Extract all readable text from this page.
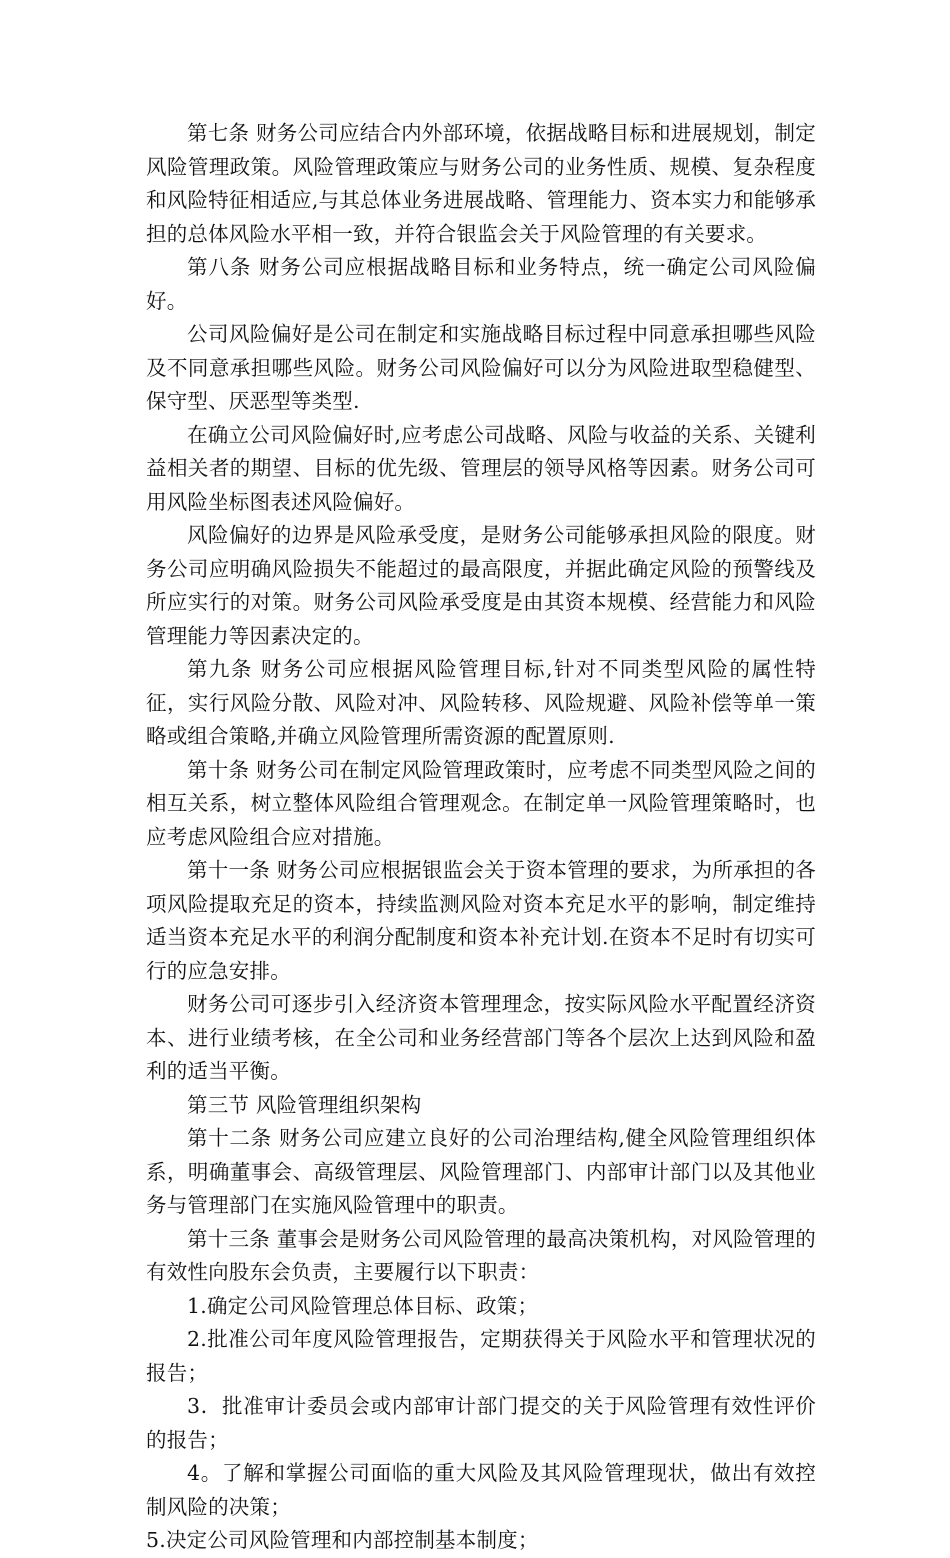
第七条 财务公司应结合内外部环境，依据战略目标和进展规划，制定风险管理政策。风险管理政策应与财务公司的业务性质、规模、复杂程度和风险特征相适应,与其总体业务进展战略、管理能力、资本实力和能够承担的总体风险水平相一致，并符合银监会关于风险管理的有关要求。

第八条 财务公司应根据战略目标和业务特点，统一确定公司风险偏好。

公司风险偏好是公司在制定和实施战略目标过程中同意承担哪些风险及不同意承担哪些风险。财务公司风险偏好可以分为风险进取型稳健型、保守型、厌恶型等类型.

在确立公司风险偏好时,应考虑公司战略、风险与收益的关系、关键利益相关者的期望、目标的优先级、管理层的领导风格等因素。财务公司可用风险坐标图表述风险偏好。

风险偏好的边界是风险承受度，是财务公司能够承担风险的限度。财务公司应明确风险损失不能超过的最高限度，并据此确定风险的预警线及所应实行的对策。财务公司风险承受度是由其资本规模、经营能力和风险管理能力等因素决定的。

第九条 财务公司应根据风险管理目标,针对不同类型风险的属性特征，实行风险分散、风险对冲、风险转移、风险规避、风险补偿等单一策略或组合策略,并确立风险管理所需资源的配置原则.

第十条 财务公司在制定风险管理政策时，应考虑不同类型风险之间的相互关系，树立整体风险组合管理观念。在制定单一风险管理策略时，也应考虑风险组合应对措施。

第十一条 财务公司应根据银监会关于资本管理的要求，为所承担的各项风险提取充足的资本，持续监测风险对资本充足水平的影响，制定维持适当资本充足水平的利润分配制度和资本补充计划.在资本不足时有切实可行的应急安排。

财务公司可逐步引入经济资本管理理念，按实际风险水平配置经济资本、进行业绩考核，在全公司和业务经营部门等各个层次上达到风险和盈利的适当平衡。

第三节 风险管理组织架构

第十二条 财务公司应建立良好的公司治理结构,健全风险管理组织体系，明确董事会、高级管理层、风险管理部门、内部审计部门以及其他业务与管理部门在实施风险管理中的职责。

第十三条 董事会是财务公司风险管理的最高决策机构，对风险管理的有效性向股东会负责，主要履行以下职责：

1.确定公司风险管理总体目标、政策；

2.批准公司年度风险管理报告，定期获得关于风险水平和管理状况的报告；

3．批准审计委员会或内部审计部门提交的关于风险管理有效性评价的报告；

4。了解和掌握公司面临的重大风险及其风险管理现状，做出有效控制风险的决策；

5.决定公司风险管理和内部控制基本制度；
